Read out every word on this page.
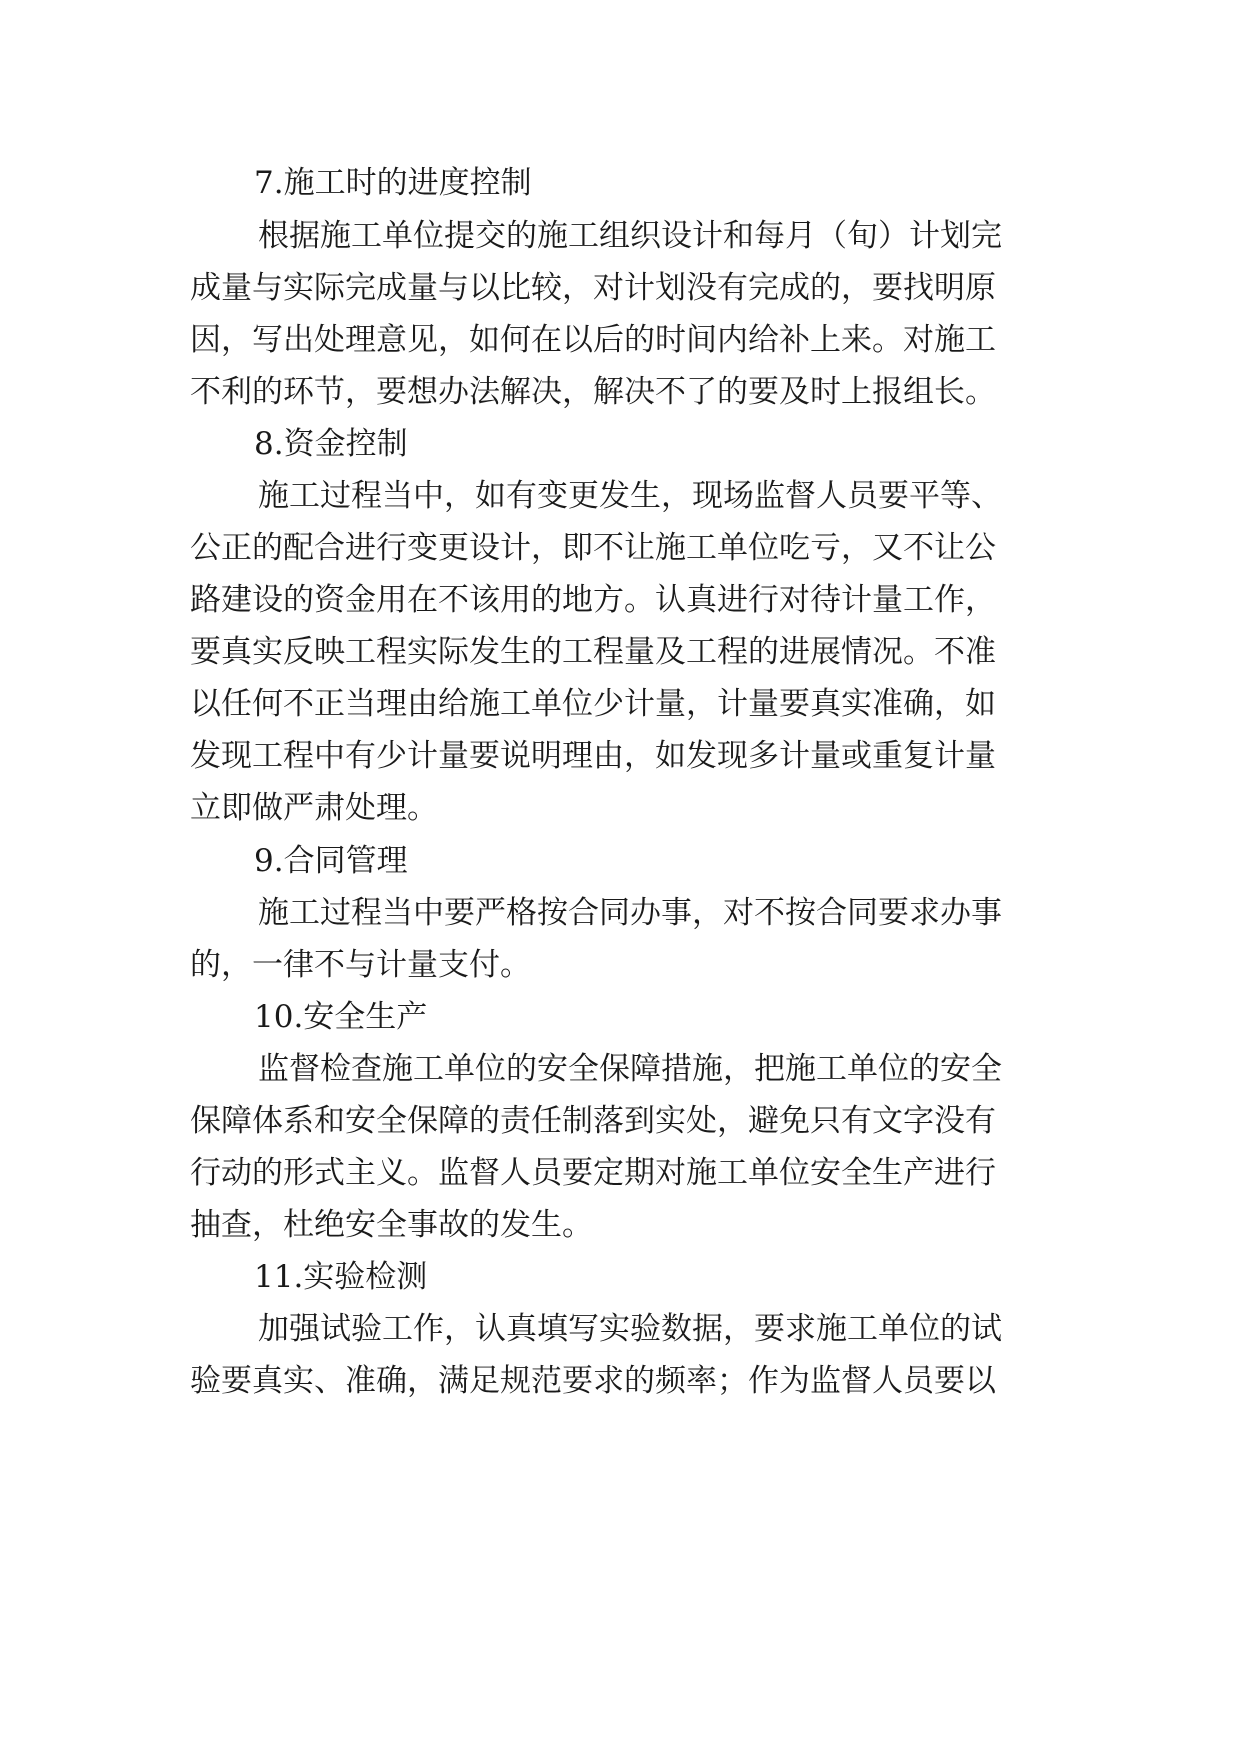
7.施工时的进度控制
根据施工单位提交的施工组织设计和每月（旬）计划完
成量与实际完成量与以比较，对计划没有完成的，要找明原
因，写出处理意见，如何在以后的时间内给补上来。对施工
不利的环节，要想办法解决，解决不了的要及时上报组长。
8.资金控制
施工过程当中，如有变更发生，现场监督人员要平等、
公正的配合进行变更设计，即不让施工单位吃亏，又不让公
路建设的资金用在不该用的地方。认真进行对待计量工作，
要真实反映工程实际发生的工程量及工程的进展情况。不准
以任何不正当理由给施工单位少计量，计量要真实准确，如
发现工程中有少计量要说明理由，如发现多计量或重复计量
立即做严肃处理。
9.合同管理
施工过程当中要严格按合同办事，对不按合同要求办事
的，一律不与计量支付。
10.安全生产
监督检查施工单位的安全保障措施，把施工单位的安全
保障体系和安全保障的责任制落到实处，避免只有文字没有
行动的形式主义。监督人员要定期对施工单位安全生产进行
抽查，杜绝安全事故的发生。
11.实验检测
加强试验工作，认真填写实验数据，要求施工单位的试
验要真实、准确，满足规范要求的频率；作为监督人员要以
